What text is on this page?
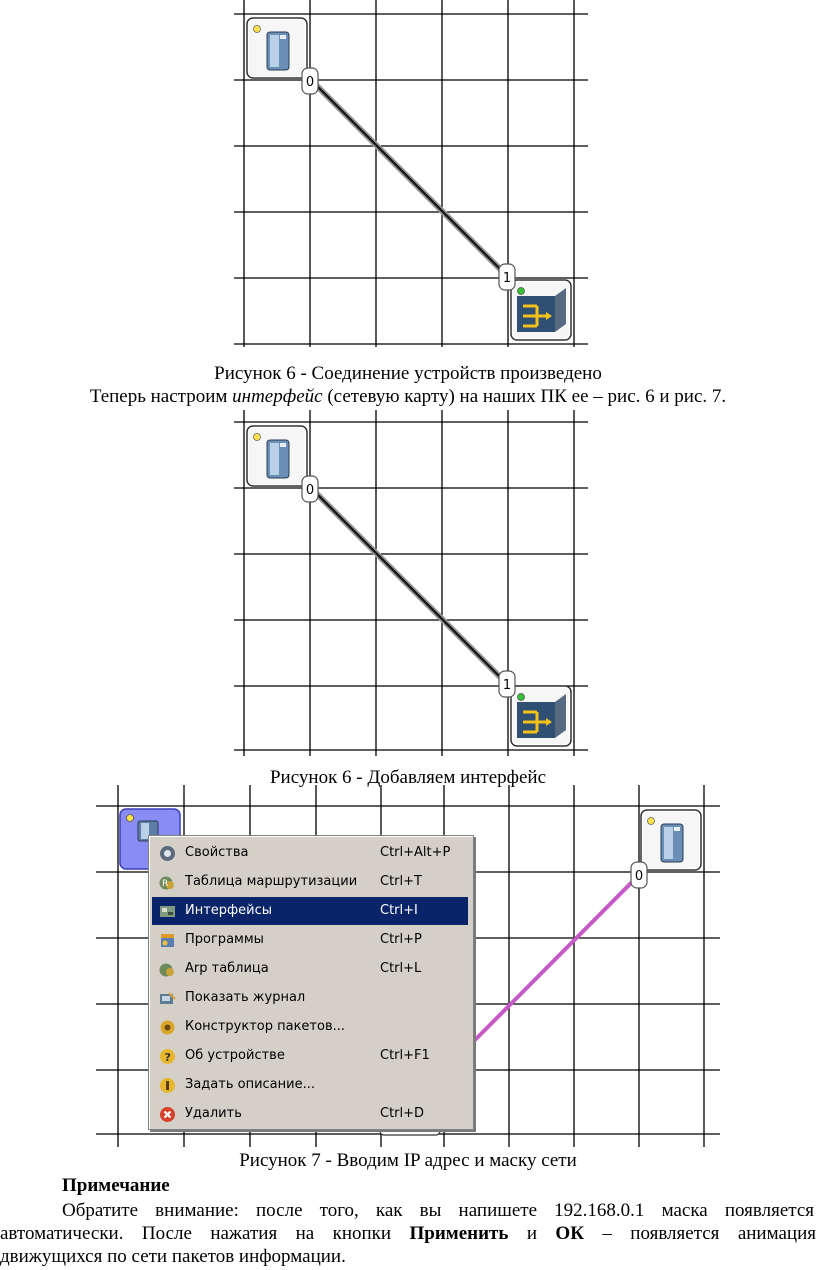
0
1
Рисунок 6 - Соединение устройств произведено
Теперь настроим интерфейс (сетевую карту) на наших ПК ее – рис. 6 и рис. 7.
0
1
Рисунок 6 - Добавляем интерфейс
0
Свойства	Ctrl+Alt+P
R Таблица маршрутизации Ctrl+T
Интерфейсы	Ctrl+I
Программы	Ctrl+P
Arp таблица	Ctrl+L
Показать журнал
Конструктор пакетов...
? Об устройстве	Ctrl+F1
Задать описание...
Удалить	Ctrl+D
Рисунок 7 - Вводим IP адрес и маску сети
Примечание
Обратите внимание: после того, как вы напишете 192.168.0.1 маска появляется
автоматически. После нажатия на кнопки Применить и ОК – появляется анимация
движущихся по сети пакетов информации.
